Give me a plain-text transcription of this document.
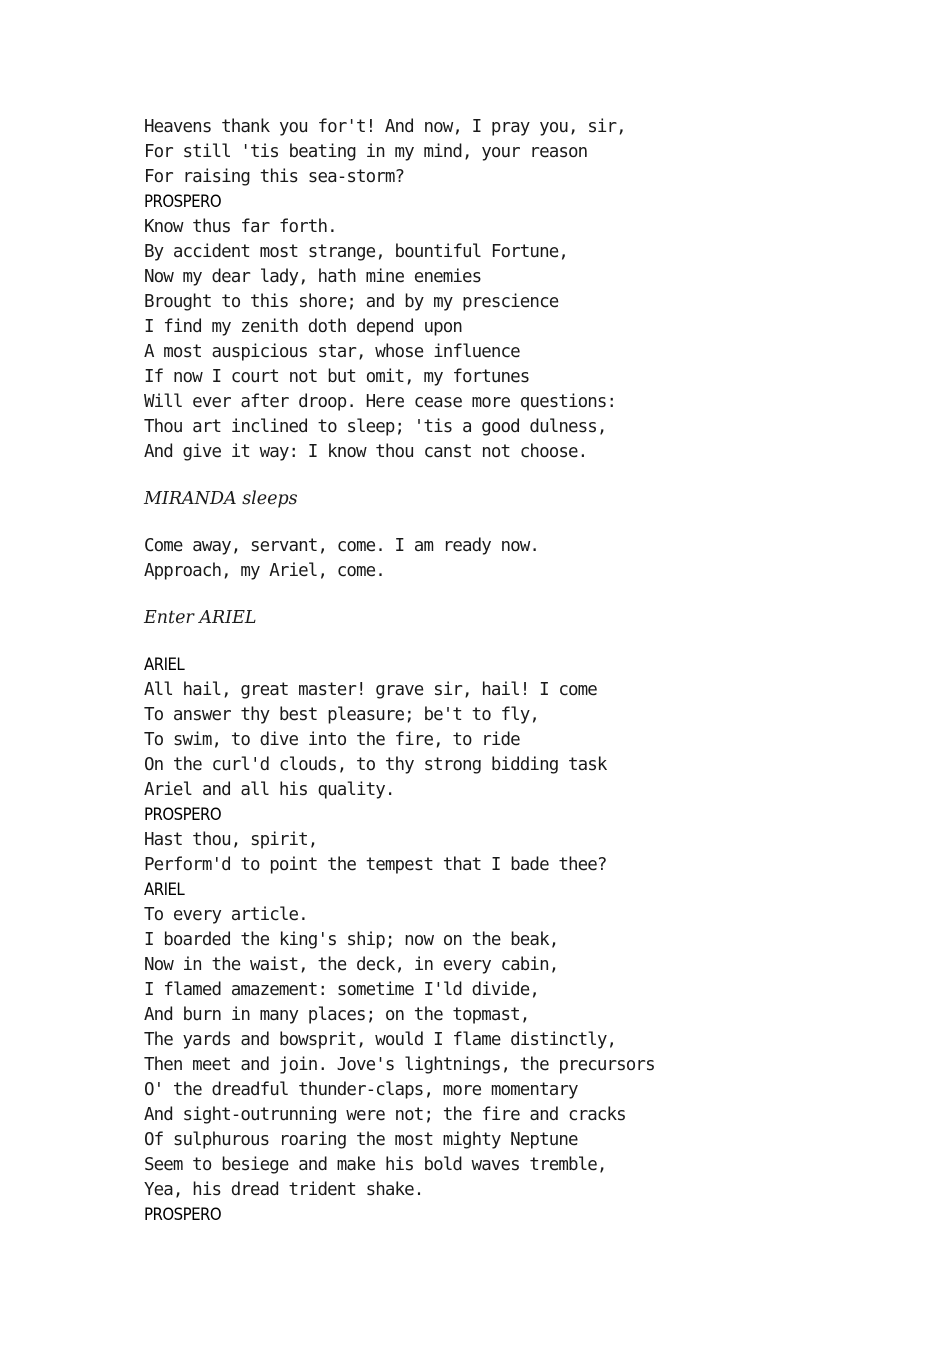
Heavens thank you for't! And now, I pray you, sir,
For still 'tis beating in my mind, your reason
For raising this sea-storm?
PROSPERO
Know thus far forth.
By accident most strange, bountiful Fortune,
Now my dear lady, hath mine enemies
Brought to this shore; and by my prescience
I find my zenith doth depend upon
A most auspicious star, whose influence
If now I court not but omit, my fortunes
Will ever after droop. Here cease more questions:
Thou art inclined to sleep; 'tis a good dulness,
And give it way: I know thou canst not choose.
MIRANDA sleeps
Come away, servant, come. I am ready now.
Approach, my Ariel, come.
Enter ARIEL
ARIEL
All hail, great master! grave sir, hail! I come
To answer thy best pleasure; be't to fly,
To swim, to dive into the fire, to ride
On the curl'd clouds, to thy strong bidding task
Ariel and all his quality.
PROSPERO
Hast thou, spirit,
Perform'd to point the tempest that I bade thee?
ARIEL
To every article.
I boarded the king's ship; now on the beak,
Now in the waist, the deck, in every cabin,
I flamed amazement: sometime I'ld divide,
And burn in many places; on the topmast,
The yards and bowsprit, would I flame distinctly,
Then meet and join. Jove's lightnings, the precursors
O' the dreadful thunder-claps, more momentary
And sight-outrunning were not; the fire and cracks
Of sulphurous roaring the most mighty Neptune
Seem to besiege and make his bold waves tremble,
Yea, his dread trident shake.
PROSPERO
